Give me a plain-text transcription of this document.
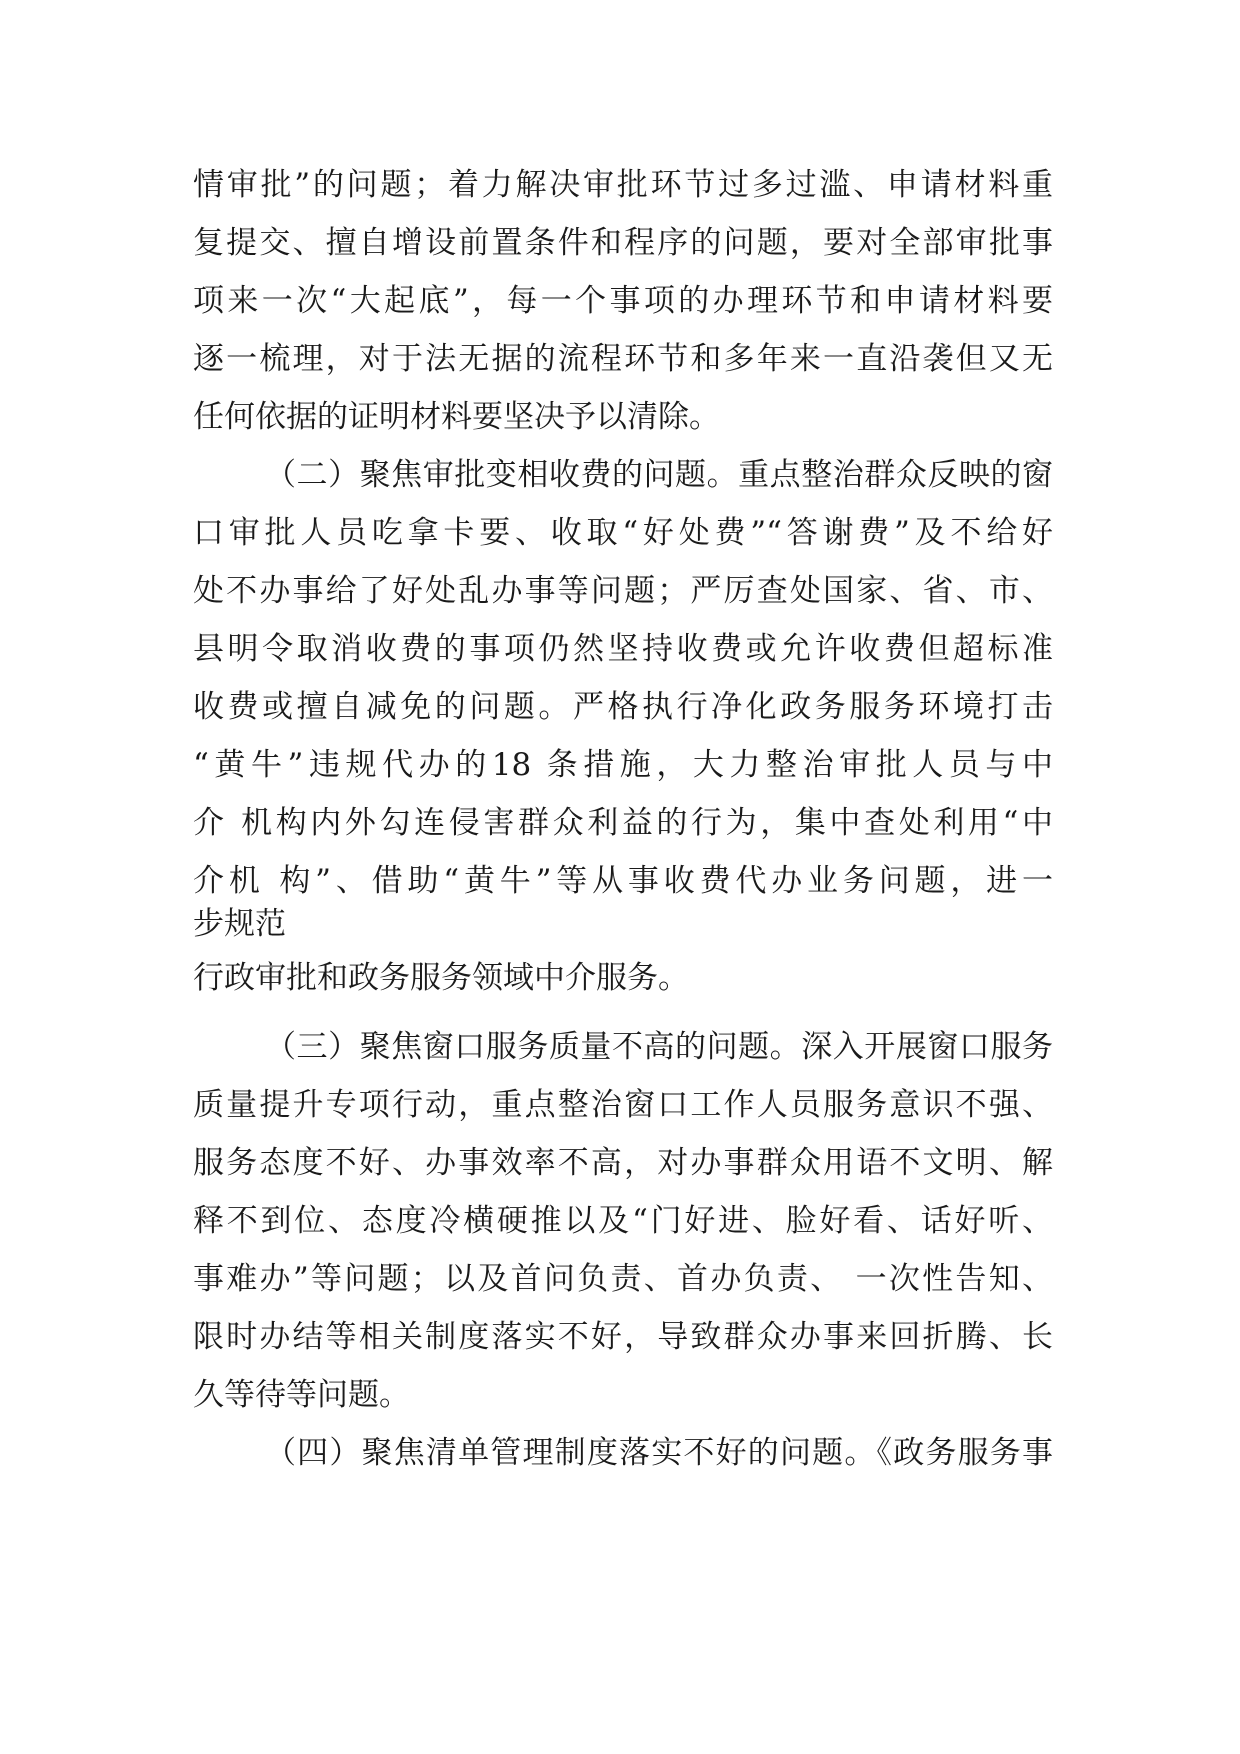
情审批”的问题；着力解决审批环节过多过滥、申请材料重

复提交、擅自增设前置条件和程序的问题，要对全部审批事

项来一次“大起底”，每一个事项的办理环节和申请材料要

逐一梳理，对于法无据的流程环节和多年来一直沿袭但又无

任何依据的证明材料要坚决予以清除。

（二）聚焦审批变相收费的问题。重点整治群众反映的窗

口审批人员吃拿卡要、收取“好处费”“答谢费”及不给好

处不办事给了好处乱办事等问题；严厉查处国家、省、市、

县明令取消收费的事项仍然坚持收费或允许收费但超标准

收费或擅自减免的问题。严格执行净化政务服务环境打击

“黄牛”违规代办的18 条措施，大力整治审批人员与中

介 机构内外勾连侵害群众利益的行为，集中查处利用“中

介机 构”、借助“黄牛”等从事收费代办业务问题，进一

步规范

行政审批和政务服务领域中介服务。

（三）聚焦窗口服务质量不高的问题。深入开展窗口服务

质量提升专项行动，重点整治窗口工作人员服务意识不强、

服务态度不好、办事效率不高，对办事群众用语不文明、解

释不到位、态度冷横硬推以及“门好进、脸好看、话好听、

事难办”等问题；以及首问负责、首办负责、 一次性告知、

限时办结等相关制度落实不好，导致群众办事来回折腾、长

久等待等问题。

（四）聚焦清单管理制度落实不好的问题。《政务服务事
